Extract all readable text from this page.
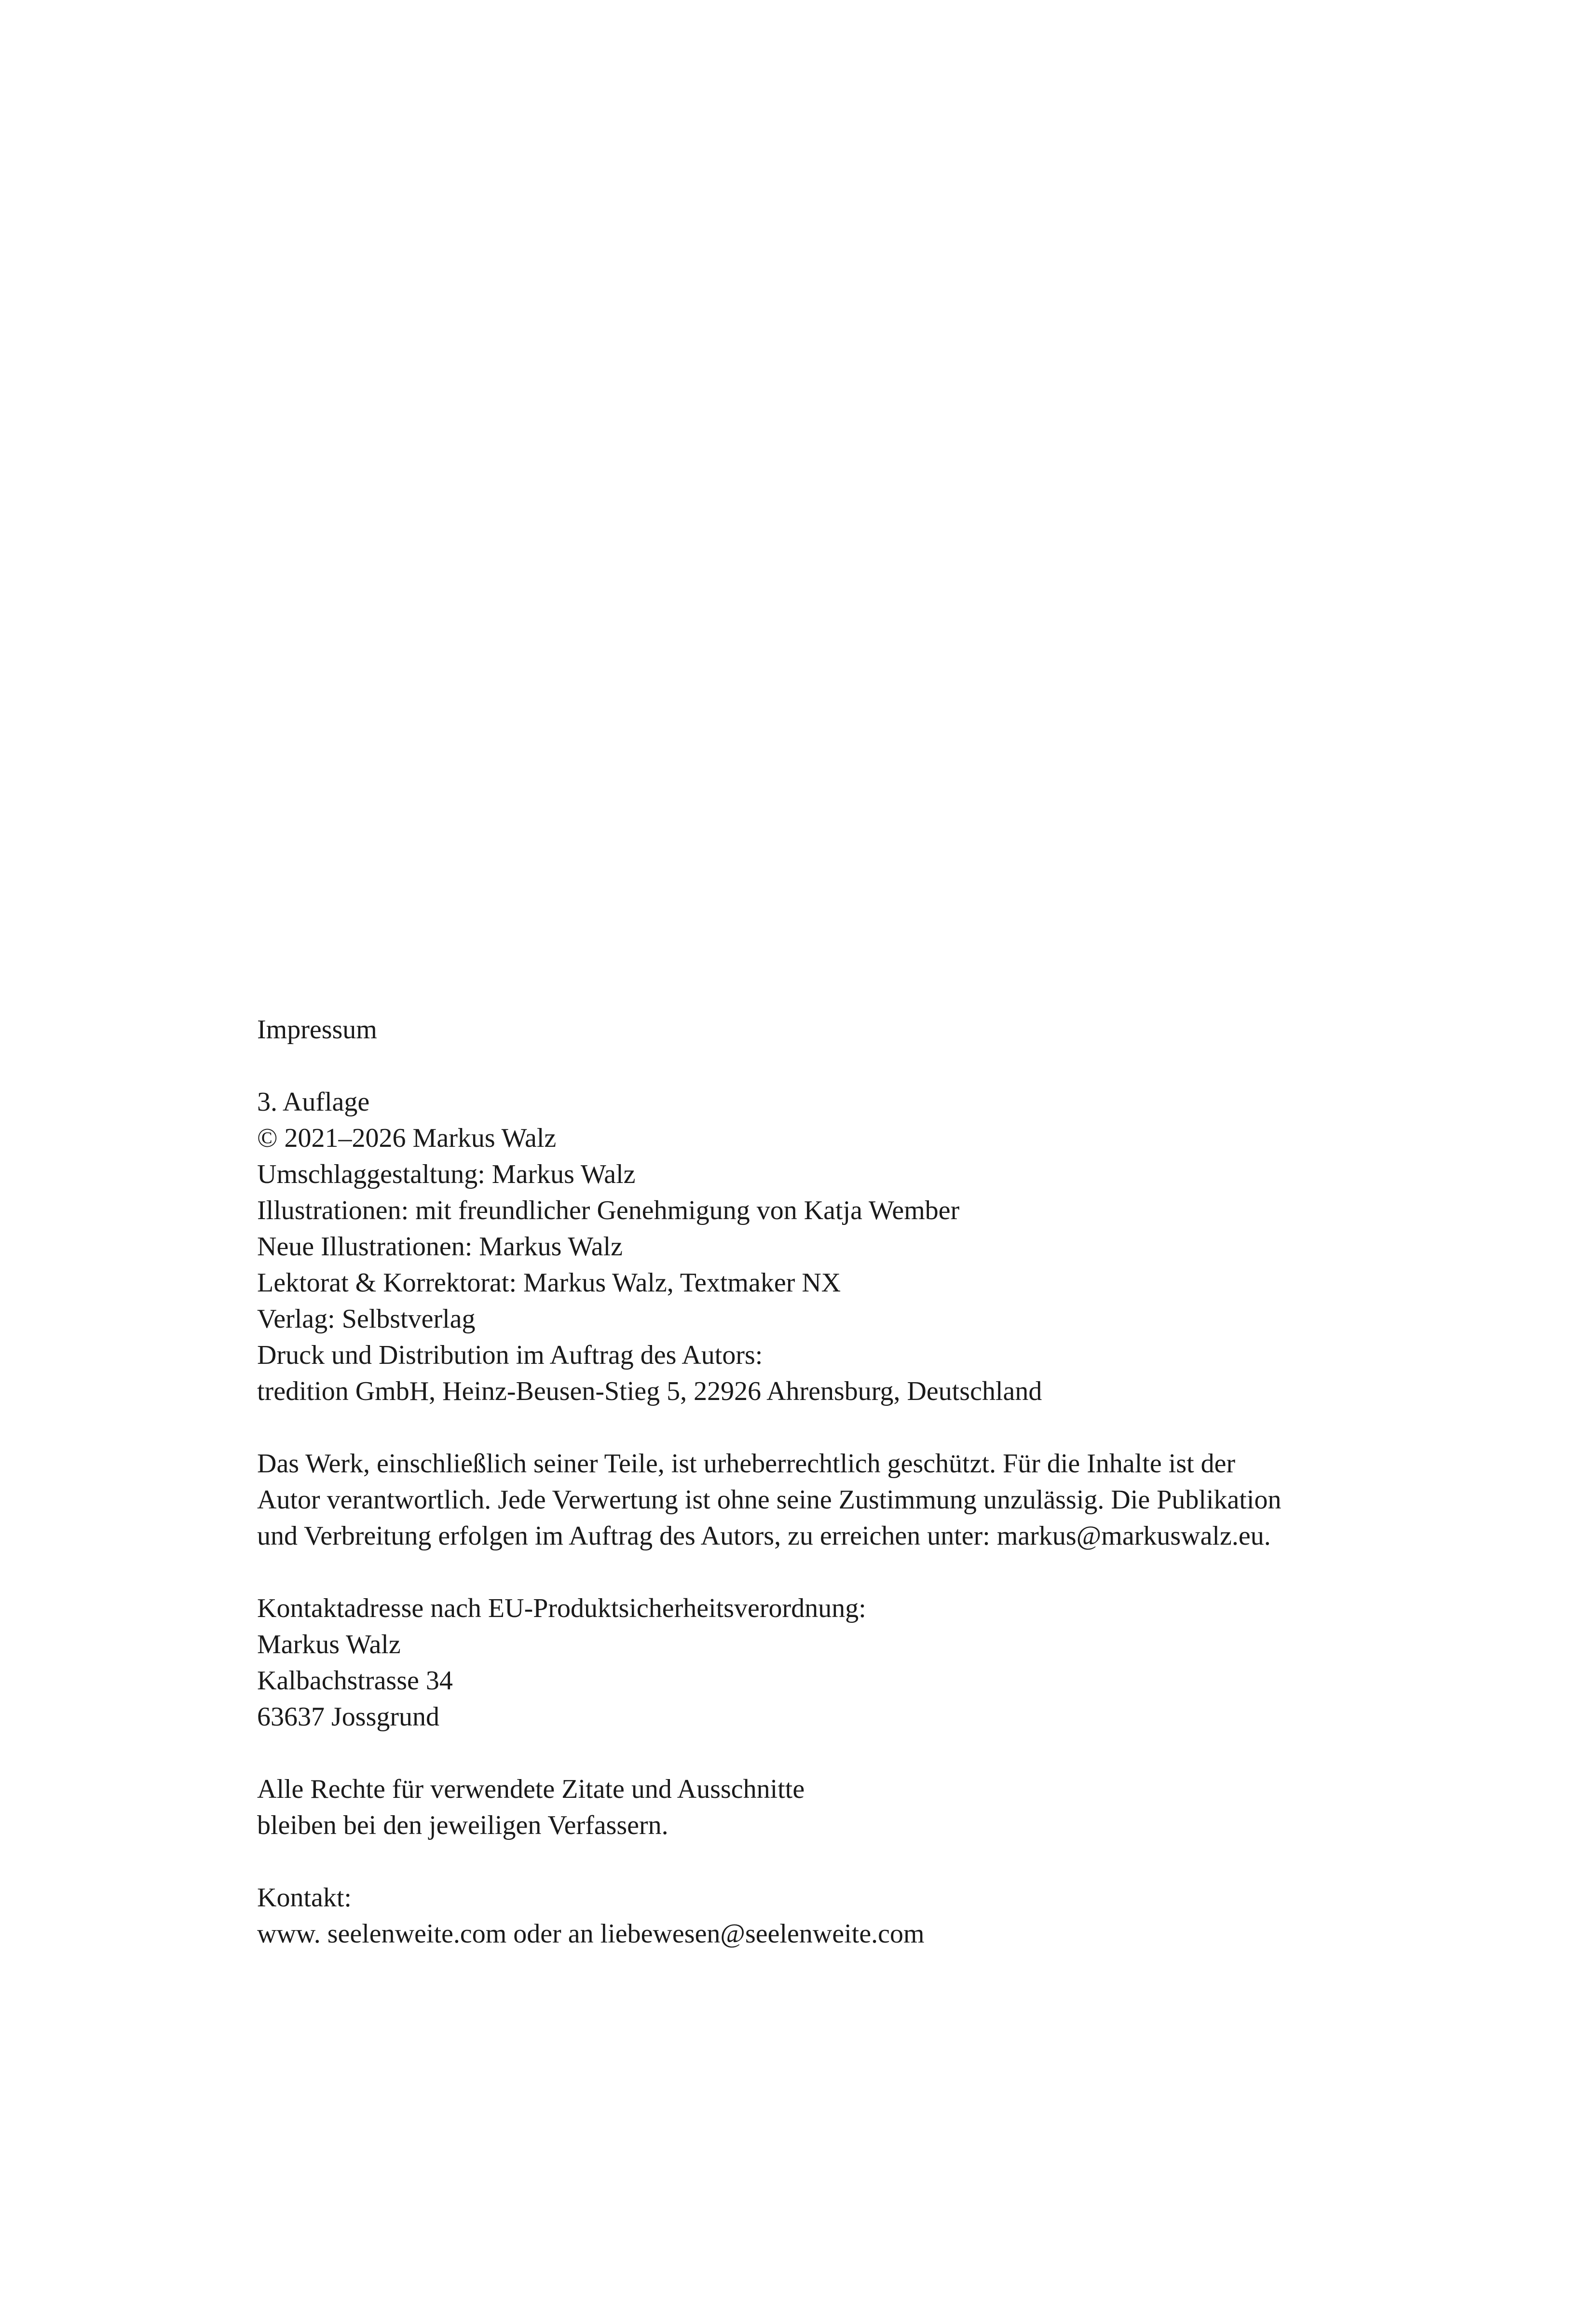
Impressum
3. Auflage
© 2021–2026 Markus Walz
Umschlaggestaltung: Markus Walz
Illustrationen: mit freundlicher Genehmigung von Katja Wember
Neue Illustrationen: Markus Walz
Lektorat & Korrektorat: Markus Walz, Textmaker NX
Verlag: Selbstverlag
Druck und Distribution im Auftrag des Autors:
tredition GmbH, Heinz-Beusen-Stieg 5, 22926 Ahrensburg, Deutschland
Das Werk, einschließlich seiner Teile, ist urheberrechtlich geschützt. Für die Inhalte ist der
Autor verantwortlich. Jede Verwertung ist ohne seine Zustimmung unzulässig. Die Publikation
und Verbreitung erfolgen im Auftrag des Autors, zu erreichen unter: markus@markuswalz.eu.
Kontaktadresse nach EU-Produktsicherheitsverordnung:
Markus Walz
Kalbachstrasse 34
63637 Jossgrund
Alle Rechte für verwendete Zitate und Ausschnitte
bleiben bei den jeweiligen Verfassern.
Kontakt:
www. seelenweite.com oder an liebewesen@seelenweite.com
